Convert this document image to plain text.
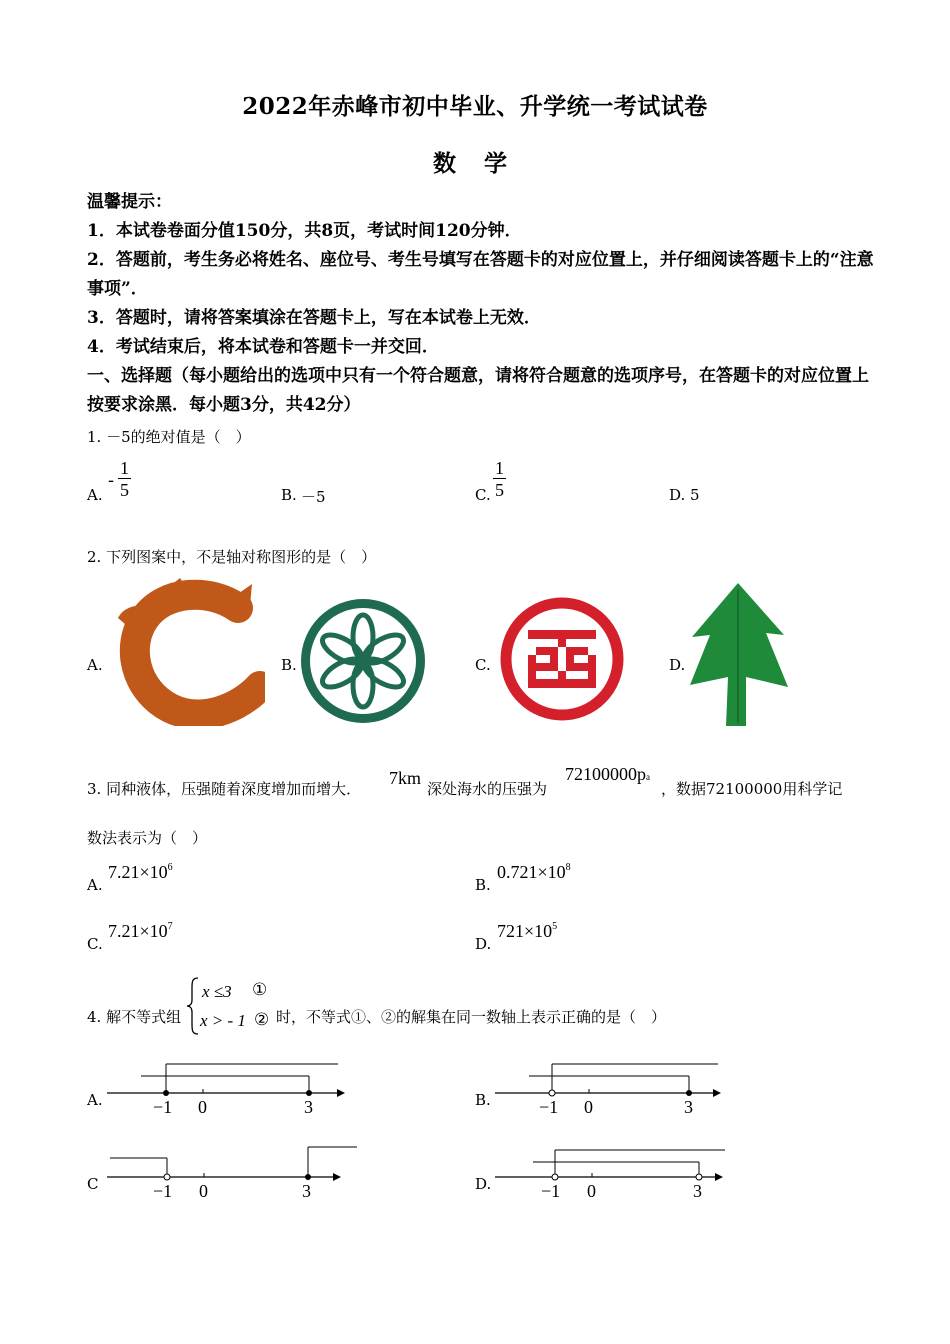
2022年赤峰市初中毕业、升学统一考试试卷
数 学
温馨提示：
1．本试卷卷面分值150分，共8页，考试时间120分钟．
2．答题前，考生务必将姓名、座位号、考生号填写在答题卡的对应位置上，并仔细阅读答题卡上的“注意事项”．
3．答题时，请将答案填涂在答题卡上，写在本试卷上无效．
4．考试结束后，将本试卷和答题卡一并交回．
一、选择题（每小题给出的选项中只有一个符合题意，请将符合题意的选项序号，在答题卡的对应位置上按要求涂黑．每小题3分，共42分）
1. －5的绝对值是（　）
A.
- $\frac{1}{5}$	B. －5	C. $\frac{1}{5}$	D. 5
2. 下列图案中，不是轴对称图形的是（　）
A.	B.	C.	D.
3. 同种液体，压强随着深度增加而增大．
7km
深处海水的压强为
72100000pa
，数据72100000用科学记
数法表示为（　）
A.
$7.21\times 10^6$
B.
$0.721\times 10^8$
C.
$7.21\times 10^7$
D.
$721\times 10^5$
4. 解不等式组
x ≤3 ①
x > - 1 ② 时，不等式①、②的解集在同一数轴上表示正确的是（　）
A.	−1 0	3	B.	−1 0	3
C	−1 0	3	D.	−1 0	3
